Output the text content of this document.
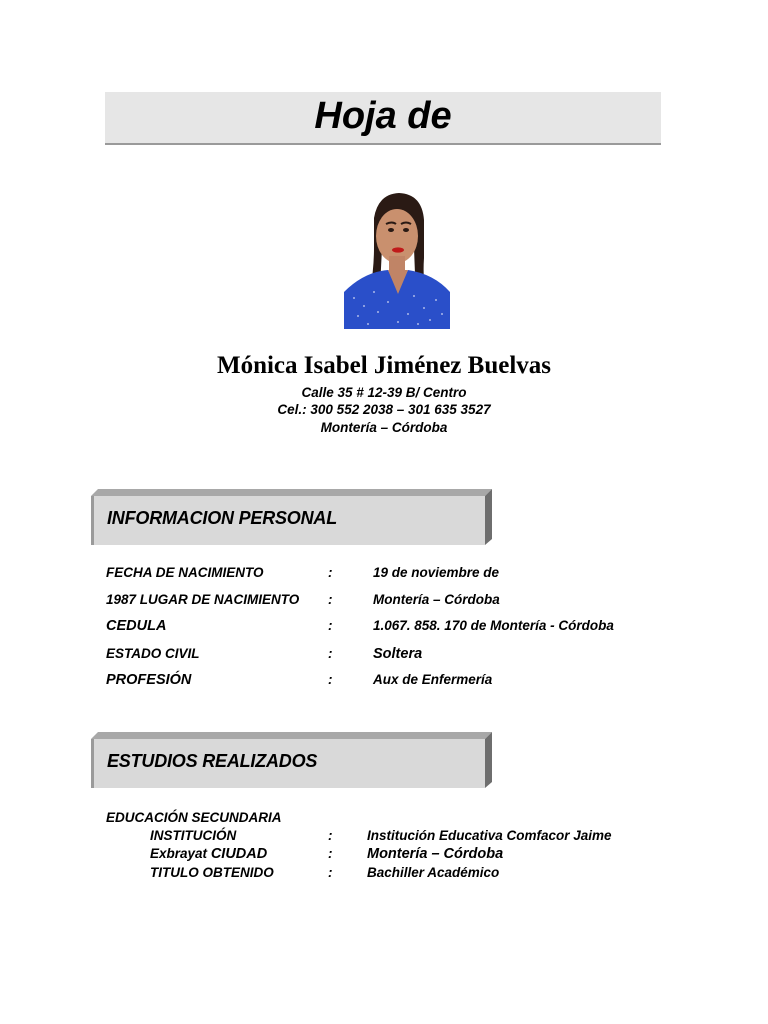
Hoja de
Mónica Isabel Jiménez Buelvas
Calle 35 # 12-39 B/ Centro
Cel.: 300 552 2038 – 301 635 3527
Montería – Córdoba
INFORMACION PERSONAL
FECHA DE NACIMIENTO	:	19 de noviembre de
1987 LUGAR DE NACIMIENTO :	Montería – Córdoba
CEDULA	:	1.067. 858. 170 de Montería - Córdoba
ESTADO CIVIL	:	Soltera
PROFESIÓN	:	Aux de Enfermería
ESTUDIOS REALIZADOS
EDUCACIÓN SECUNDARIA
INSTITUCIÓN	:	Institución Educativa Comfacor Jaime
Exbrayat CIUDAD	: Montería – Córdoba
TITULO OBTENIDO	:	Bachiller Académico
